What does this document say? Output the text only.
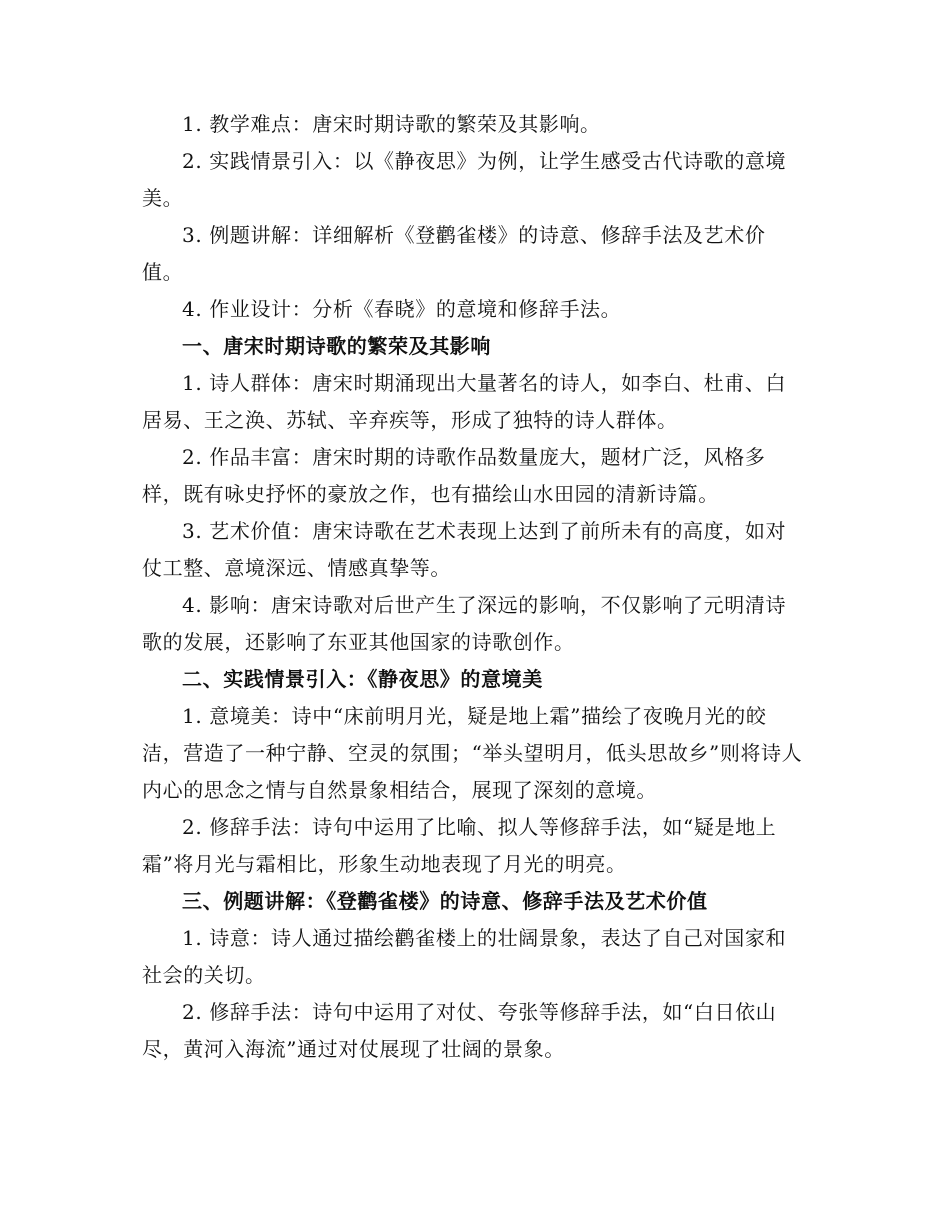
1. 教学难点：唐宋时期诗歌的繁荣及其影响。

2. 实践情景引入：以《静夜思》为例，让学生感受古代诗歌的意境美。

3. 例题讲解：详细解析《登鹳雀楼》的诗意、修辞手法及艺术价值。

4. 作业设计：分析《春晓》的意境和修辞手法。

一、唐宋时期诗歌的繁荣及其影响

1. 诗人群体：唐宋时期涌现出大量著名的诗人，如李白、杜甫、白居易、王之涣、苏轼、辛弃疾等，形成了独特的诗人群体。

2. 作品丰富：唐宋时期的诗歌作品数量庞大，题材广泛，风格多样，既有咏史抒怀的豪放之作，也有描绘山水田园的清新诗篇。

3. 艺术价值：唐宋诗歌在艺术表现上达到了前所未有的高度，如对仗工整、意境深远、情感真挚等。

4. 影响：唐宋诗歌对后世产生了深远的影响，不仅影响了元明清诗歌的发展，还影响了东亚其他国家的诗歌创作。

二、实践情景引入：《静夜思》的意境美

1. 意境美：诗中“床前明月光，疑是地上霜”描绘了夜晚月光的皎洁，营造了一种宁静、空灵的氛围；“举头望明月，低头思故乡”则将诗人内心的思念之情与自然景象相结合，展现了深刻的意境。

2. 修辞手法：诗句中运用了比喻、拟人等修辞手法，如“疑是地上霜”将月光与霜相比，形象生动地表现了月光的明亮。

三、例题讲解：《登鹳雀楼》的诗意、修辞手法及艺术价值

1. 诗意：诗人通过描绘鹳雀楼上的壮阔景象，表达了自己对国家和社会的关切。

2. 修辞手法：诗句中运用了对仗、夸张等修辞手法，如“白日依山尽，黄河入海流”通过对仗展现了壮阔的景象。
